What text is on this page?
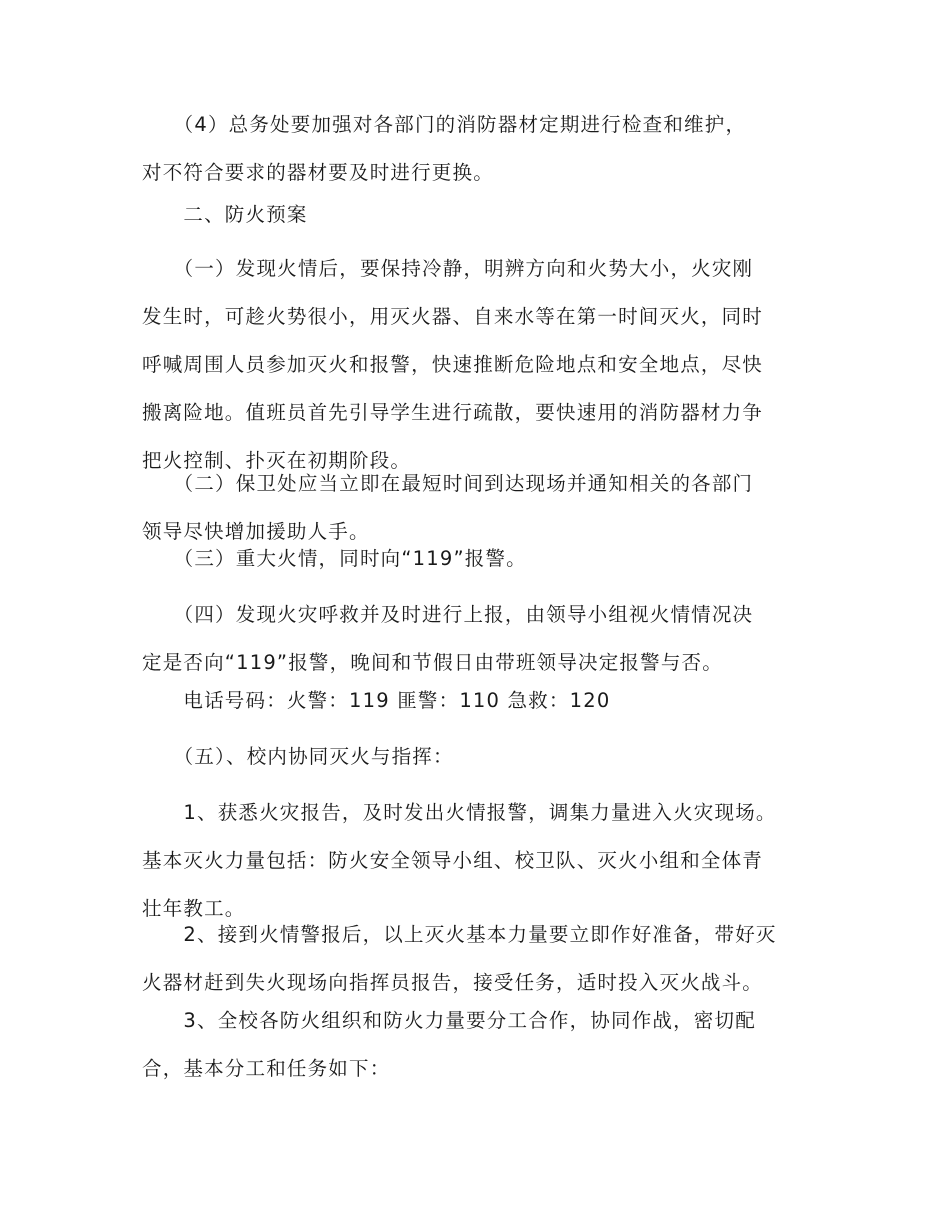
　　（4）总务处要加强对各部门的消防器材定期进行检查和维护，
对不符合要求的器材要及时进行更换。

　　二、防火预案

　　（一）发现火情后，要保持冷静，明辨方向和火势大小，火灾刚
发生时，可趁火势很小，用灭火器、自来水等在第一时间灭火，同时
呼喊周围人员参加灭火和报警，快速推断危险地点和安全地点，尽快
搬离险地。值班员首先引导学生进行疏散，要快速用的消防器材力争
把火控制、扑灭在初期阶段。

　　（二）保卫处应当立即在最短时间到达现场并通知相关的各部门
领导尽快增加援助人手。

　　（三）重大火情，同时向“119”报警。

　　（四）发现火灾呼救并及时进行上报，由领导小组视火情情况决
定是否向“119”报警，晚间和节假日由带班领导决定报警与否。

　　电话号码：火警：119 匪警：110 急救：120

　　（五）、校内协同灭火与指挥：

　　1、获悉火灾报告，及时发出火情报警，调集力量进入火灾现场。
基本灭火力量包括：防火安全领导小组、校卫队、灭火小组和全体青
壮年教工。

　　2、接到火情警报后，以上灭火基本力量要立即作好准备，带好灭
火器材赶到失火现场向指挥员报告，接受任务，适时投入灭火战斗。

　　3、全校各防火组织和防火力量要分工合作，协同作战，密切配
合，基本分工和任务如下：
